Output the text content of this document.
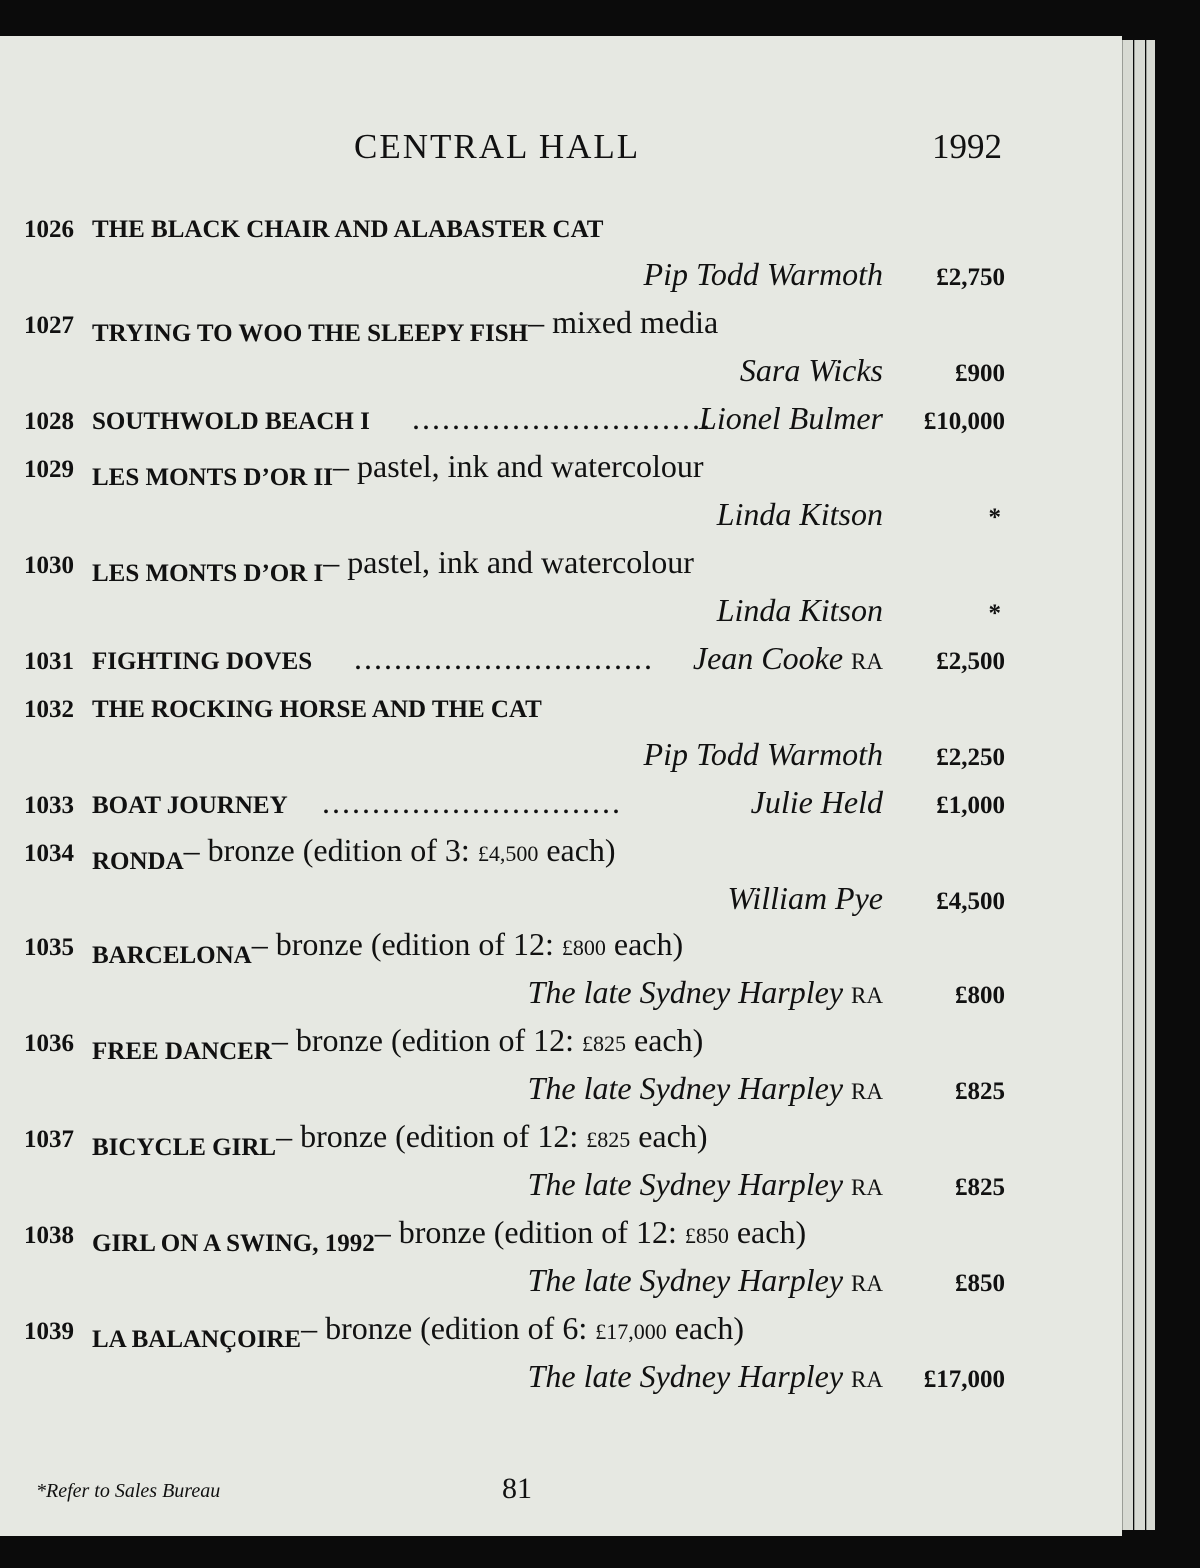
CENTRAL HALL	1992
1026 THE BLACK CHAIR AND ALABASTER CAT
Pip Todd Warmoth £2,750
1027 TRYING TO WOO THE SLEEPY FISH– mixed media
Sara Wicks	£900
1028 SOUTHWOLD BEACH I ..............................
Lionel Bulmer £10,000
1029 LES MONTS D’OR II– pastel, ink and watercolour
Linda Kitson	*
1030 LES MONTS D’OR I– pastel, ink and watercolour
Linda Kitson	*
1031 FIGHTING DOVES ..............................	Jean Cooke RA £2,500
1032 THE ROCKING HORSE AND THE CAT
Pip Todd Warmoth £2,250
1033 BOAT JOURNEY ..............................	Julie Held £1,000
1034 RONDA– bronze (edition of 3: £4,500 each)
William Pye £4,500
1035 BARCELONA– bronze (edition of 12: £800 each)
The late Sydney Harpley RA	£800
1036 FREE DANCER– bronze (edition of 12: £825 each)
The late Sydney Harpley RA	£825
1037 BICYCLE GIRL– bronze (edition of 12: £825 each)
The late Sydney Harpley RA	£825
1038 GIRL ON A SWING, 1992– bronze (edition of 12: £850 each)
The late Sydney Harpley RA	£850
1039 LA BALANÇOIRE– bronze (edition of 6: £17,000 each)
The late Sydney Harpley RA £17,000
*Refer to Sales Bureau	81
